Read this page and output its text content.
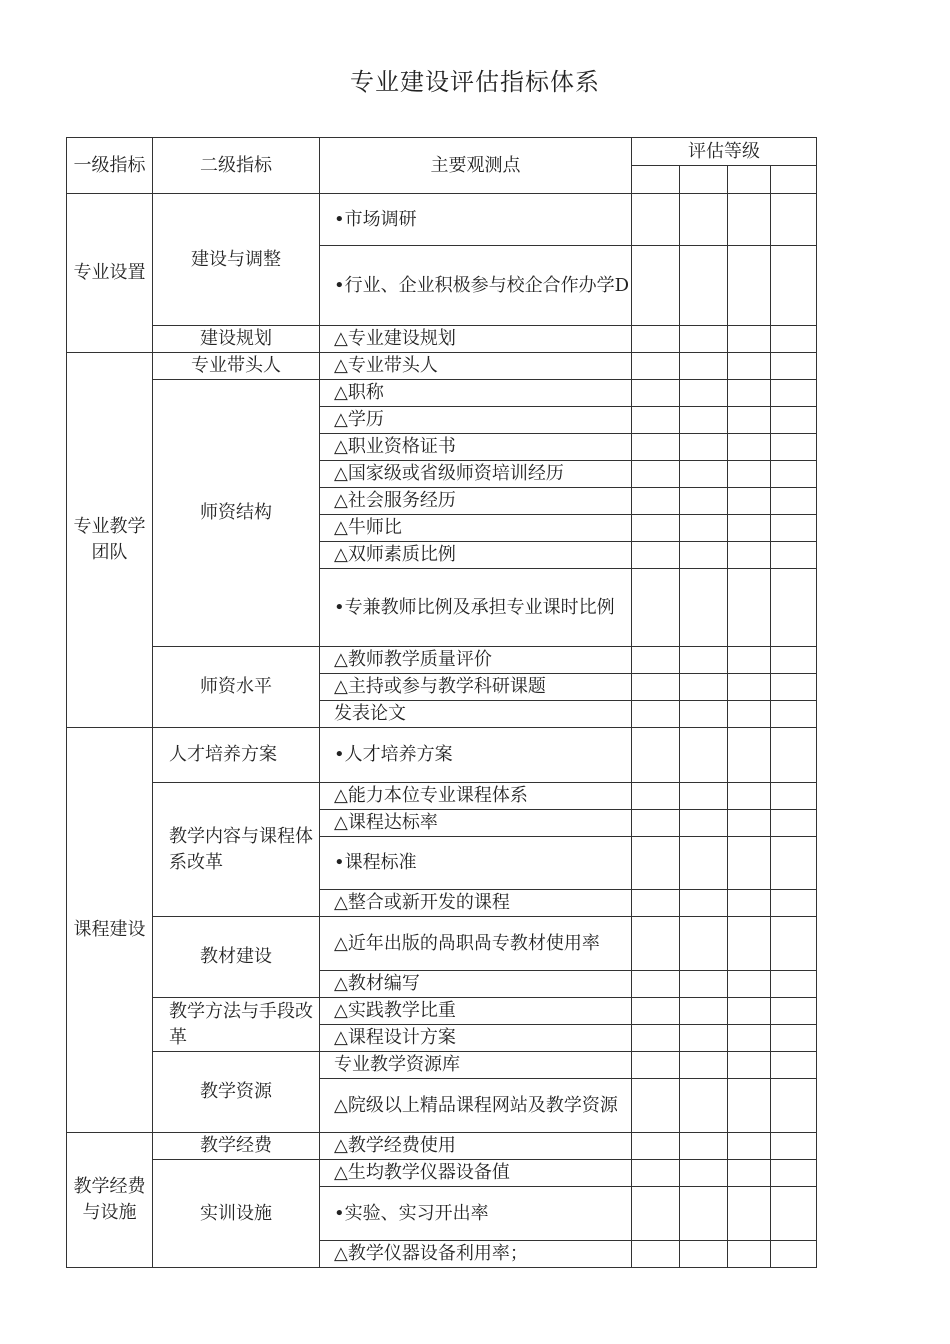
专业建设评估指标体系
一级指标	二级指标	主要观测点	评估等级			

专业设置	建设与调整	•市场调研				

		•行业、企业积极参与校企合作办学D				

	建设规划	△专业建设规划				
专业教学团队	专业带头人	△专业带头人				
	师资结构	△职称				
		△学历				
		△职业资格证书				
		△国家级或省级师资培训经历				
		△社会服务经历				
		△牛师比				
		△双师素质比例				

		•专兼教师比例及承担专业课时比例				

	师资水平	△教师教学质量评价				
		△主持或参与教学科研课题				
		发表论文				
课程建设	人才培养方案	•人才培养方案				

	教学内容与课程体系改革	△能力本位专业课程体系				
		△课程达标率				
		•课程标准				
		△整合或新开发的课程				
	教材建设	△近年出版的咼职咼专教材使用率				
		△教材编写				

	教学方法与手段改革	△实践教学比重				
		△课程设计方案				
	教学资源	专业教学资源库				
		△院级以上精品课程网站及教学资源				
教学经费与设施	教学经费	△教学经费使用				
	实训设施	△生均教学仪器设备值				
		•实验、实习开出率				
		△教学仪器设备利用率；				
